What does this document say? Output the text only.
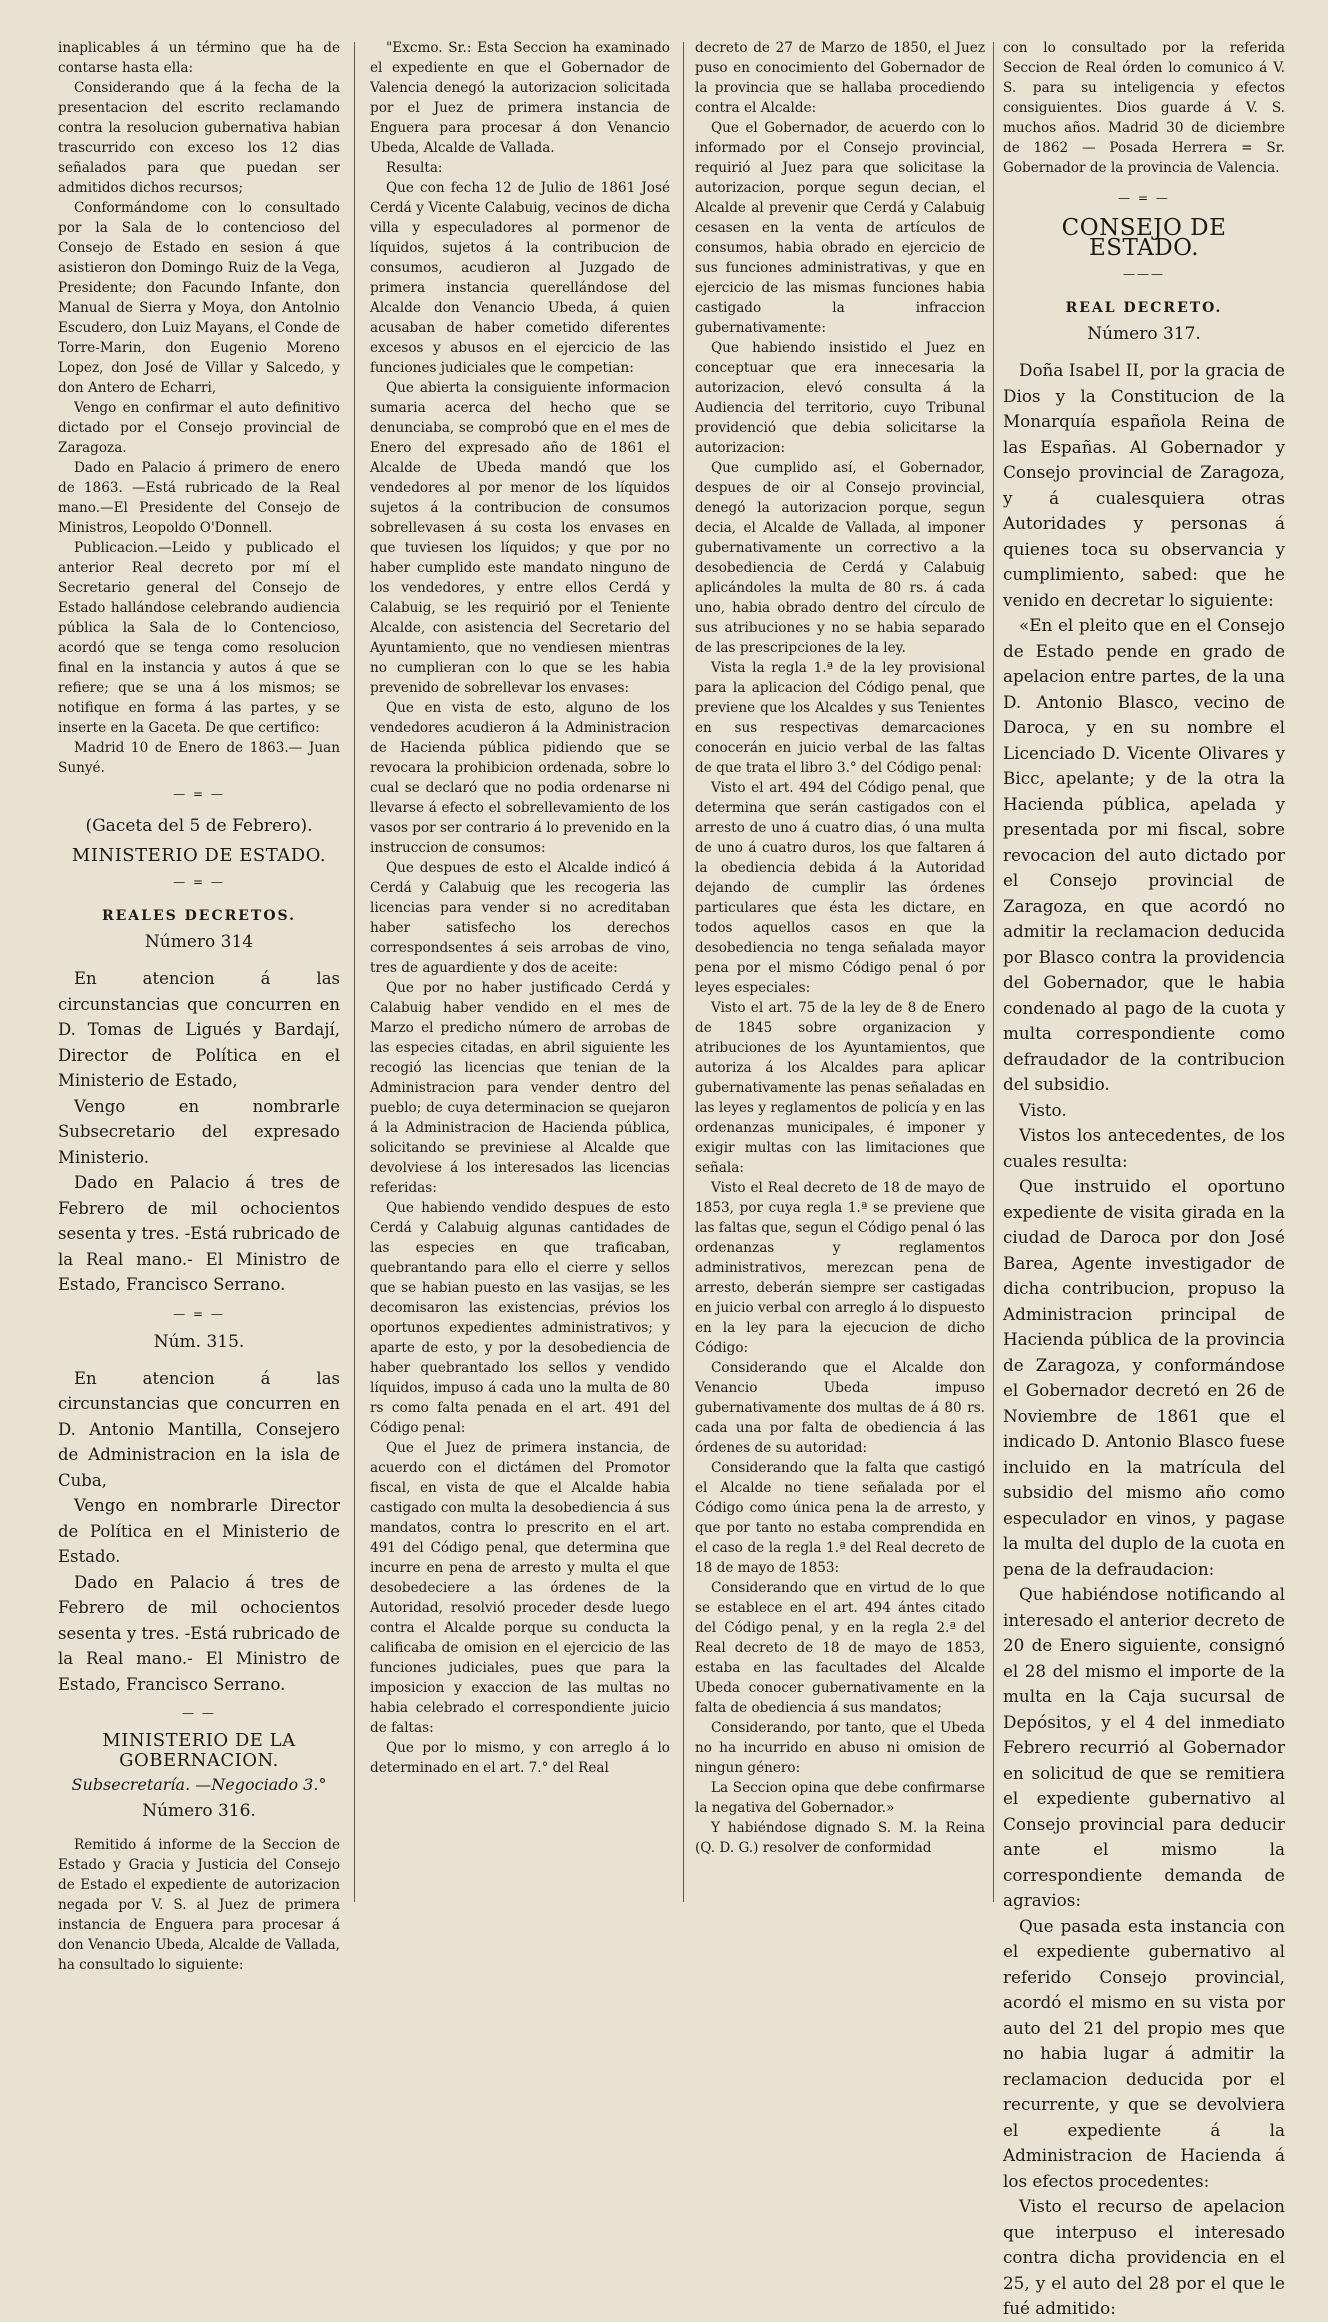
inaplicables á un término que ha de contarse hasta ella:

Considerando que á la fecha de la presentacion del escrito reclamando contra la resolucion gubernativa habian trascurrido con exceso los 12 dias señalados para que puedan ser admitidos dichos recursos;

Conformándome con lo consultado por la Sala de lo contencioso del Consejo de Estado en sesion á que asistieron don Domingo Ruiz de la Vega, Presidente; don Facundo Infante, don Manual de Sierra y Moya, don Antolnio Escudero, don Luiz Mayans, el Conde de Torre-Marin, don Eugenio Moreno Lopez, don José de Villar y Salcedo, y don Antero de Echarri,

Vengo en confirmar el auto definitivo dictado por el Consejo provincial de Zaragoza.

Dado en Palacio á primero de enero de 1863. —Está rubricado de la Real mano.—El Presidente del Consejo de Ministros, Leopoldo O'Donnell.

Publicacion.—Leido y publicado el anterior Real decreto por mí el Secretario general del Consejo de Estado hallándose celebrando audiencia pública la Sala de lo Contencioso, acordó que se tenga como resolucion final en la instancia y autos á que se refiere; que se una á los mismos; se notifique en forma á las partes, y se inserte en la Gaceta. De que certifico:

Madrid 10 de Enero de 1863.— Juan Sunyé.

— = —
(Gaceta del 5 de Febrero).
MINISTERIO DE ESTADO.
— = —
REALES DECRETOS.
Número 314

En atencion á las circunstancias que concurren en D. Tomas de Ligués y Bardají, Director de Política en el Ministerio de Estado,

Vengo en nombrarle Subsecretario del expresado Ministerio.

Dado en Palacio á tres de Febrero de mil ochocientos sesenta y tres. -Está rubricado de la Real mano.- El Ministro de Estado, Francisco Serrano.

— = —
Núm. 315.

En atencion á las circunstancias que concurren en D. Antonio Mantilla, Consejero de Administracion en la isla de Cuba,

Vengo en nombrarle Director de Política en el Ministerio de Estado.

Dado en Palacio á tres de Febrero de mil ochocientos sesenta y tres. -Está rubricado de la Real mano.- El Ministro de Estado, Francisco Serrano.

— —
MINISTERIO DE LA GOBERNACION.
Subsecretaría. —Negociado 3.°
Número 316.

Remitido á informe de la Seccion de Estado y Gracia y Justicia del Consejo de Estado el expediente de autorizacion negada por V. S. al Juez de primera instancia de Enguera para procesar á don Venancio Ubeda, Alcalde de Vallada, ha consultado lo siguiente:

"Excmo. Sr.: Esta Seccion ha examinado el expediente en que el Gobernador de Valencia denegó la autorizacion solicitada por el Juez de primera instancia de Enguera para procesar á don Venancio Ubeda, Alcalde de Vallada.

Resulta:

Que con fecha 12 de Julio de 1861 José Cerdá y Vicente Calabuig, vecinos de dicha villa y especuladores al pormenor de líquidos, sujetos á la contribucion de consumos, acudieron al Juzgado de primera instancia querellándose del Alcalde don Venancio Ubeda, á quien acusaban de haber cometido diferentes excesos y abusos en el ejercicio de las funciones judiciales que le competian:

Que abierta la consiguiente informacion sumaria acerca del hecho que se denunciaba, se comprobó que en el mes de Enero del expresado año de 1861 el Alcalde de Ubeda mandó que los vendedores al por menor de los líquidos sujetos á la contribucion de consumos sobrellevasen á su costa los envases en que tuviesen los líquidos; y que por no haber cumplido este mandato ninguno de los vendedores, y entre ellos Cerdá y Calabuig, se les requirió por el Teniente Alcalde, con asistencia del Secretario del Ayuntamiento, que no vendiesen mientras no cumplieran con lo que se les habia prevenido de sobrellevar los envases:

Que en vista de esto, alguno de los vendedores acudieron á la Administracion de Hacienda pública pidiendo que se revocara la prohibicion ordenada, sobre lo cual se declaró que no podia ordenarse ni llevarse á efecto el sobrellevamiento de los vasos por ser contrario á lo prevenido en la instruccion de consumos:

Que despues de esto el Alcalde indicó á Cerdá y Calabuig que les recogeria las licencias para vender si no acreditaban haber satisfecho los derechos correspondsentes á seis arrobas de vino, tres de aguardiente y dos de aceite:

Que por no haber justificado Cerdá y Calabuig haber vendido en el mes de Marzo el predicho número de arrobas de las especies citadas, en abril siguiente les recogió las licencias que tenian de la Administracion para vender dentro del pueblo; de cuya determinacion se quejaron á la Administracion de Hacienda pública, solicitando se previniese al Alcalde que devolviese á los interesados las licencias referidas:

Que habiendo vendido despues de esto Cerdá y Calabuig algunas cantidades de las especies en que traficaban, quebrantando para ello el cierre y sellos que se habian puesto en las vasijas, se les decomisaron las existencias, prévios los oportunos expedientes administrativos; y aparte de esto, y por la desobediencia de haber quebrantado los sellos y vendido líquidos, impuso á cada uno la multa de 80 rs como falta penada en el art. 491 del Código penal:

Que el Juez de primera instancia, de acuerdo con el dictámen del Promotor fiscal, en vista de que el Alcalde habia castigado con multa la desobediencia á sus mandatos, contra lo prescrito en el art. 491 del Código penal, que determina que incurre en pena de arresto y multa el que desobedeciere a las órdenes de la Autoridad, resolvió proceder desde luego contra el Alcalde porque su conducta la calificaba de omision en el ejercicio de las funciones judiciales, pues que para la imposicion y exaccion de las multas no habia celebrado el correspondiente juicio de faltas:

Que por lo mismo, y con arreglo á lo determinado en el art. 7.° del Real

decreto de 27 de Marzo de 1850, el Juez puso en conocimiento del Gobernador de la provincia que se hallaba procediendo contra el Alcalde:

Que el Gobernador, de acuerdo con lo informado por el Consejo provincial, requirió al Juez para que solicitase la autorizacion, porque segun decian, el Alcalde al prevenir que Cerdá y Calabuig cesasen en la venta de artículos de consumos, habia obrado en ejercicio de sus funciones administrativas, y que en ejercicio de las mismas funciones habia castigado la infraccion gubernativamente:

Que habiendo insistido el Juez en conceptuar que era innecesaria la autorizacion, elevó consulta á la Audiencia del territorio, cuyo Tribunal providenció que debia solicitarse la autorizacion:

Que cumplido así, el Gobernador, despues de oir al Consejo provincial, denegó la autorizacion porque, segun decia, el Alcalde de Vallada, al imponer gubernativamente un correctivo a la desobediencia de Cerdá y Calabuig aplicándoles la multa de 80 rs. á cada uno, habia obrado dentro del círculo de sus atribuciones y no se habia separado de las prescripciones de la ley.

Vista la regla 1.ª de la ley provisional para la aplicacion del Código penal, que previene que los Alcaldes y sus Tenientes en sus respectivas demarcaciones conocerán en juicio verbal de las faltas de que trata el libro 3.° del Código penal:

Visto el art. 494 del Código penal, que determina que serán castigados con el arresto de uno á cuatro dias, ó una multa de uno á cuatro duros, los que faltaren á la obediencia debida á la Autoridad dejando de cumplir las órdenes particulares que ésta les dictare, en todos aquellos casos en que la desobediencia no tenga señalada mayor pena por el mismo Código penal ó por leyes especiales:

Visto el art. 75 de la ley de 8 de Enero de 1845 sobre organizacion y atribuciones de los Ayuntamientos, que autoriza á los Alcaldes para aplicar gubernativamente las penas señaladas en las leyes y reglamentos de policía y en las ordenanzas municipales, é imponer y exigir multas con las limitaciones que señala:

Visto el Real decreto de 18 de mayo de 1853, por cuya regla 1.ª se previene que las faltas que, segun el Código penal ó las ordenanzas y reglamentos administrativos, merezcan pena de arresto, deberán siempre ser castigadas en juicio verbal con arreglo á lo dispuesto en la ley para la ejecucion de dicho Código:

Considerando que el Alcalde don Venancio Ubeda impuso gubernativamente dos multas de á 80 rs. cada una por falta de obediencia á las órdenes de su autoridad:

Considerando que la falta que castigó el Alcalde no tiene señalada por el Código como única pena la de arresto, y que por tanto no estaba comprendida en el caso de la regla 1.ª del Real decreto de 18 de mayo de 1853:

Considerando que en virtud de lo que se establece en el art. 494 ántes citado del Código penal, y en la regla 2.ª del Real decreto de 18 de mayo de 1853, estaba en las facultades del Alcalde Ubeda conocer gubernativamente en la falta de obediencia á sus mandatos;

Considerando, por tanto, que el Ubeda no ha incurrido en abuso ni omision de ningun género:

La Seccion opina que debe confirmarse la negativa del Gobernador.»

Y habiéndose dignado S. M. la Reina (Q. D. G.) resolver de conformidad

con lo consultado por la referida Seccion de Real órden lo comunico á V. S. para su inteligencia y efectos consiguientes. Dios guarde á V. S. muchos años. Madrid 30 de diciembre de 1862 — Posada Herrera = Sr. Gobernador de la provincia de Valencia.

— = —
CONSEJO DE ESTADO.
———
REAL DECRETO.
Número 317.

Doña Isabel II, por la gracia de Dios y la Constitucion de la Monarquía española Reina de las Españas. Al Gobernador y Consejo provincial de Zaragoza, y á cualesquiera otras Autoridades y personas á quienes toca su observancia y cumplimiento, sabed: que he venido en decretar lo siguiente:

«En el pleito que en el Consejo de Estado pende en grado de apelacion entre partes, de la una D. Antonio Blasco, vecino de Daroca, y en su nombre el Licenciado D. Vicente Olivares y Bicc, apelante; y de la otra la Hacienda pública, apelada y presentada por mi fiscal, sobre revocacion del auto dictado por el Consejo provincial de Zaragoza, en que acordó no admitir la reclamacion deducida por Blasco contra la providencia del Gobernador, que le habia condenado al pago de la cuota y multa correspondiente como defraudador de la contribucion del subsidio.

Visto.

Vistos los antecedentes, de los cuales resulta:

Que instruido el oportuno expediente de visita girada en la ciudad de Daroca por don José Barea, Agente investigador de dicha contribucion, propuso la Administracion principal de Hacienda pública de la provincia de Zaragoza, y conformándose el Gobernador decretó en 26 de Noviembre de 1861 que el indicado D. Antonio Blasco fuese incluido en la matrícula del subsidio del mismo año como especulador en vinos, y pagase la multa del duplo de la cuota en pena de la defraudacion:

Que habiéndose notificando al interesado el anterior decreto de 20 de Enero siguiente, consignó el 28 del mismo el importe de la multa en la Caja sucursal de Depósitos, y el 4 del inmediato Febrero recurrió al Gobernador en solicitud de que se remitiera el expediente gubernativo al Consejo provincial para deducir ante el mismo la correspondiente demanda de agravios:

Que pasada esta instancia con el expediente gubernativo al referido Consejo provincial, acordó el mismo en su vista por auto del 21 del propio mes que no habia lugar á admitir la reclamacion deducida por el recurrente, y que se devolviera el expediente á la Administracion de Hacienda á los efectos procedentes:

Visto el recurso de apelacion que interpuso el interesado contra dicha providencia en el 25, y el auto del 28 por el que le fué admitido:
